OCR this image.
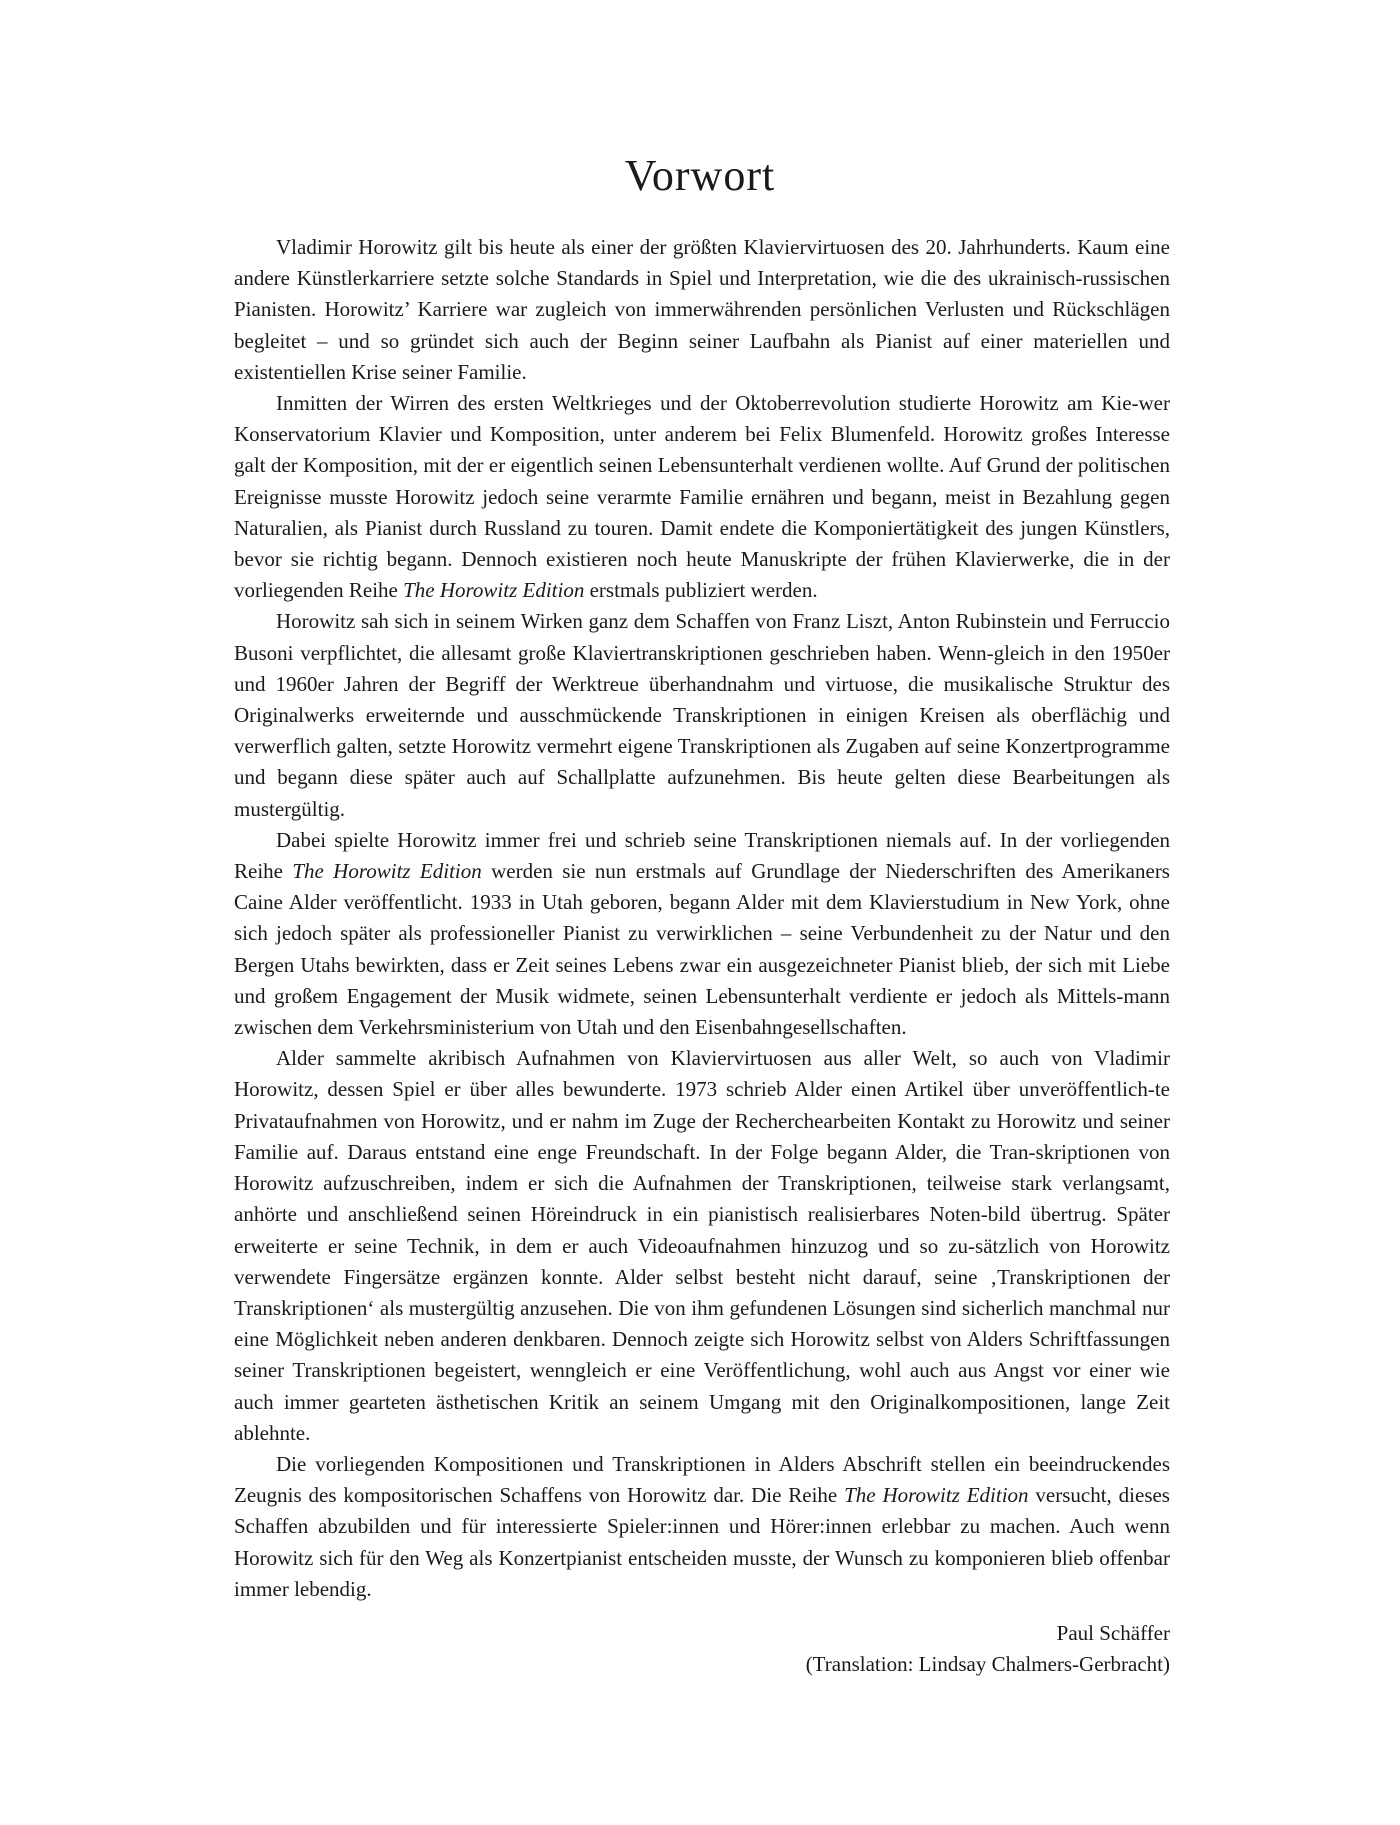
Vorwort

Vladimir Horowitz gilt bis heute als einer der größten Klaviervirtuosen des 20. Jahrhunderts. Kaum eine andere Künstlerkarriere setzte solche Standards in Spiel und Interpretation, wie die des ukrainisch-russischen Pianisten. Horowitz’ Karriere war zugleich von immerwährenden persönlichen Verlusten und Rückschlägen begleitet – und so gründet sich auch der Beginn seiner Laufbahn als Pianist auf einer materiellen und existentiellen Krise seiner Familie.

Inmitten der Wirren des ersten Weltkrieges und der Oktoberrevolution studierte Horowitz am Kie-wer Konservatorium Klavier und Komposition, unter anderem bei Felix Blumenfeld. Horowitz großes Interesse galt der Komposition, mit der er eigentlich seinen Lebensunterhalt verdienen wollte. Auf Grund der politischen Ereignisse musste Horowitz jedoch seine verarmte Familie ernähren und begann, meist in Bezahlung gegen Naturalien, als Pianist durch Russland zu touren. Damit endete die Komponiertätigkeit des jungen Künstlers, bevor sie richtig begann. Dennoch existieren noch heute Manuskripte der frühen Klavierwerke, die in der vorliegenden Reihe The Horowitz Edition erstmals publiziert werden.

Horowitz sah sich in seinem Wirken ganz dem Schaffen von Franz Liszt, Anton Rubinstein und Ferruccio Busoni verpflichtet, die allesamt große Klaviertranskriptionen geschrieben haben. Wenn-gleich in den 1950er und 1960er Jahren der Begriff der Werktreue überhandnahm und virtuose, die musikalische Struktur des Originalwerks erweiternde und ausschmückende Transkriptionen in einigen Kreisen als oberflächig und verwerflich galten, setzte Horowitz vermehrt eigene Transkriptionen als Zugaben auf seine Konzertprogramme und begann diese später auch auf Schallplatte aufzunehmen. Bis heute gelten diese Bearbeitungen als mustergültig.

Dabei spielte Horowitz immer frei und schrieb seine Transkriptionen niemals auf. In der vorliegenden Reihe The Horowitz Edition werden sie nun erstmals auf Grundlage der Niederschriften des Amerikaners Caine Alder veröffentlicht. 1933 in Utah geboren, begann Alder mit dem Klavierstudium in New York, ohne sich jedoch später als professioneller Pianist zu verwirklichen – seine Verbundenheit zu der Natur und den Bergen Utahs bewirkten, dass er Zeit seines Lebens zwar ein ausgezeichneter Pianist blieb, der sich mit Liebe und großem Engagement der Musik widmete, seinen Lebensunterhalt verdiente er jedoch als Mittels-mann zwischen dem Verkehrsministerium von Utah und den Eisenbahngesellschaften.

Alder sammelte akribisch Aufnahmen von Klaviervirtuosen aus aller Welt, so auch von Vladimir Horowitz, dessen Spiel er über alles bewunderte. 1973 schrieb Alder einen Artikel über unveröffentlich-te Privataufnahmen von Horowitz, und er nahm im Zuge der Recherchearbeiten Kontakt zu Horowitz und seiner Familie auf. Daraus entstand eine enge Freundschaft. In der Folge begann Alder, die Tran-skriptionen von Horowitz aufzuschreiben, indem er sich die Aufnahmen der Transkriptionen, teilweise stark verlangsamt, anhörte und anschließend seinen Höreindruck in ein pianistisch realisierbares Noten-bild übertrug. Später erweiterte er seine Technik, in dem er auch Videoaufnahmen hinzuzog und so zu-sätzlich von Horowitz verwendete Fingersätze ergänzen konnte. Alder selbst besteht nicht darauf, seine ‚Transkriptionen der Transkriptionen‘ als mustergültig anzusehen. Die von ihm gefundenen Lösungen sind sicherlich manchmal nur eine Möglichkeit neben anderen denkbaren. Dennoch zeigte sich Horowitz selbst von Alders Schriftfassungen seiner Transkriptionen begeistert, wenngleich er eine Veröffentlichung, wohl auch aus Angst vor einer wie auch immer gearteten ästhetischen Kritik an seinem Umgang mit den Originalkompositionen, lange Zeit ablehnte.

Die vorliegenden Kompositionen und Transkriptionen in Alders Abschrift stellen ein beeindruckendes Zeugnis des kompositorischen Schaffens von Horowitz dar. Die Reihe The Horowitz Edition versucht, dieses Schaffen abzubilden und für interessierte Spieler:innen und Hörer:innen erlebbar zu machen. Auch wenn Horowitz sich für den Weg als Konzertpianist entscheiden musste, der Wunsch zu komponieren blieb offenbar immer lebendig.

Paul Schäffer
(Translation: Lindsay Chalmers-Gerbracht)
